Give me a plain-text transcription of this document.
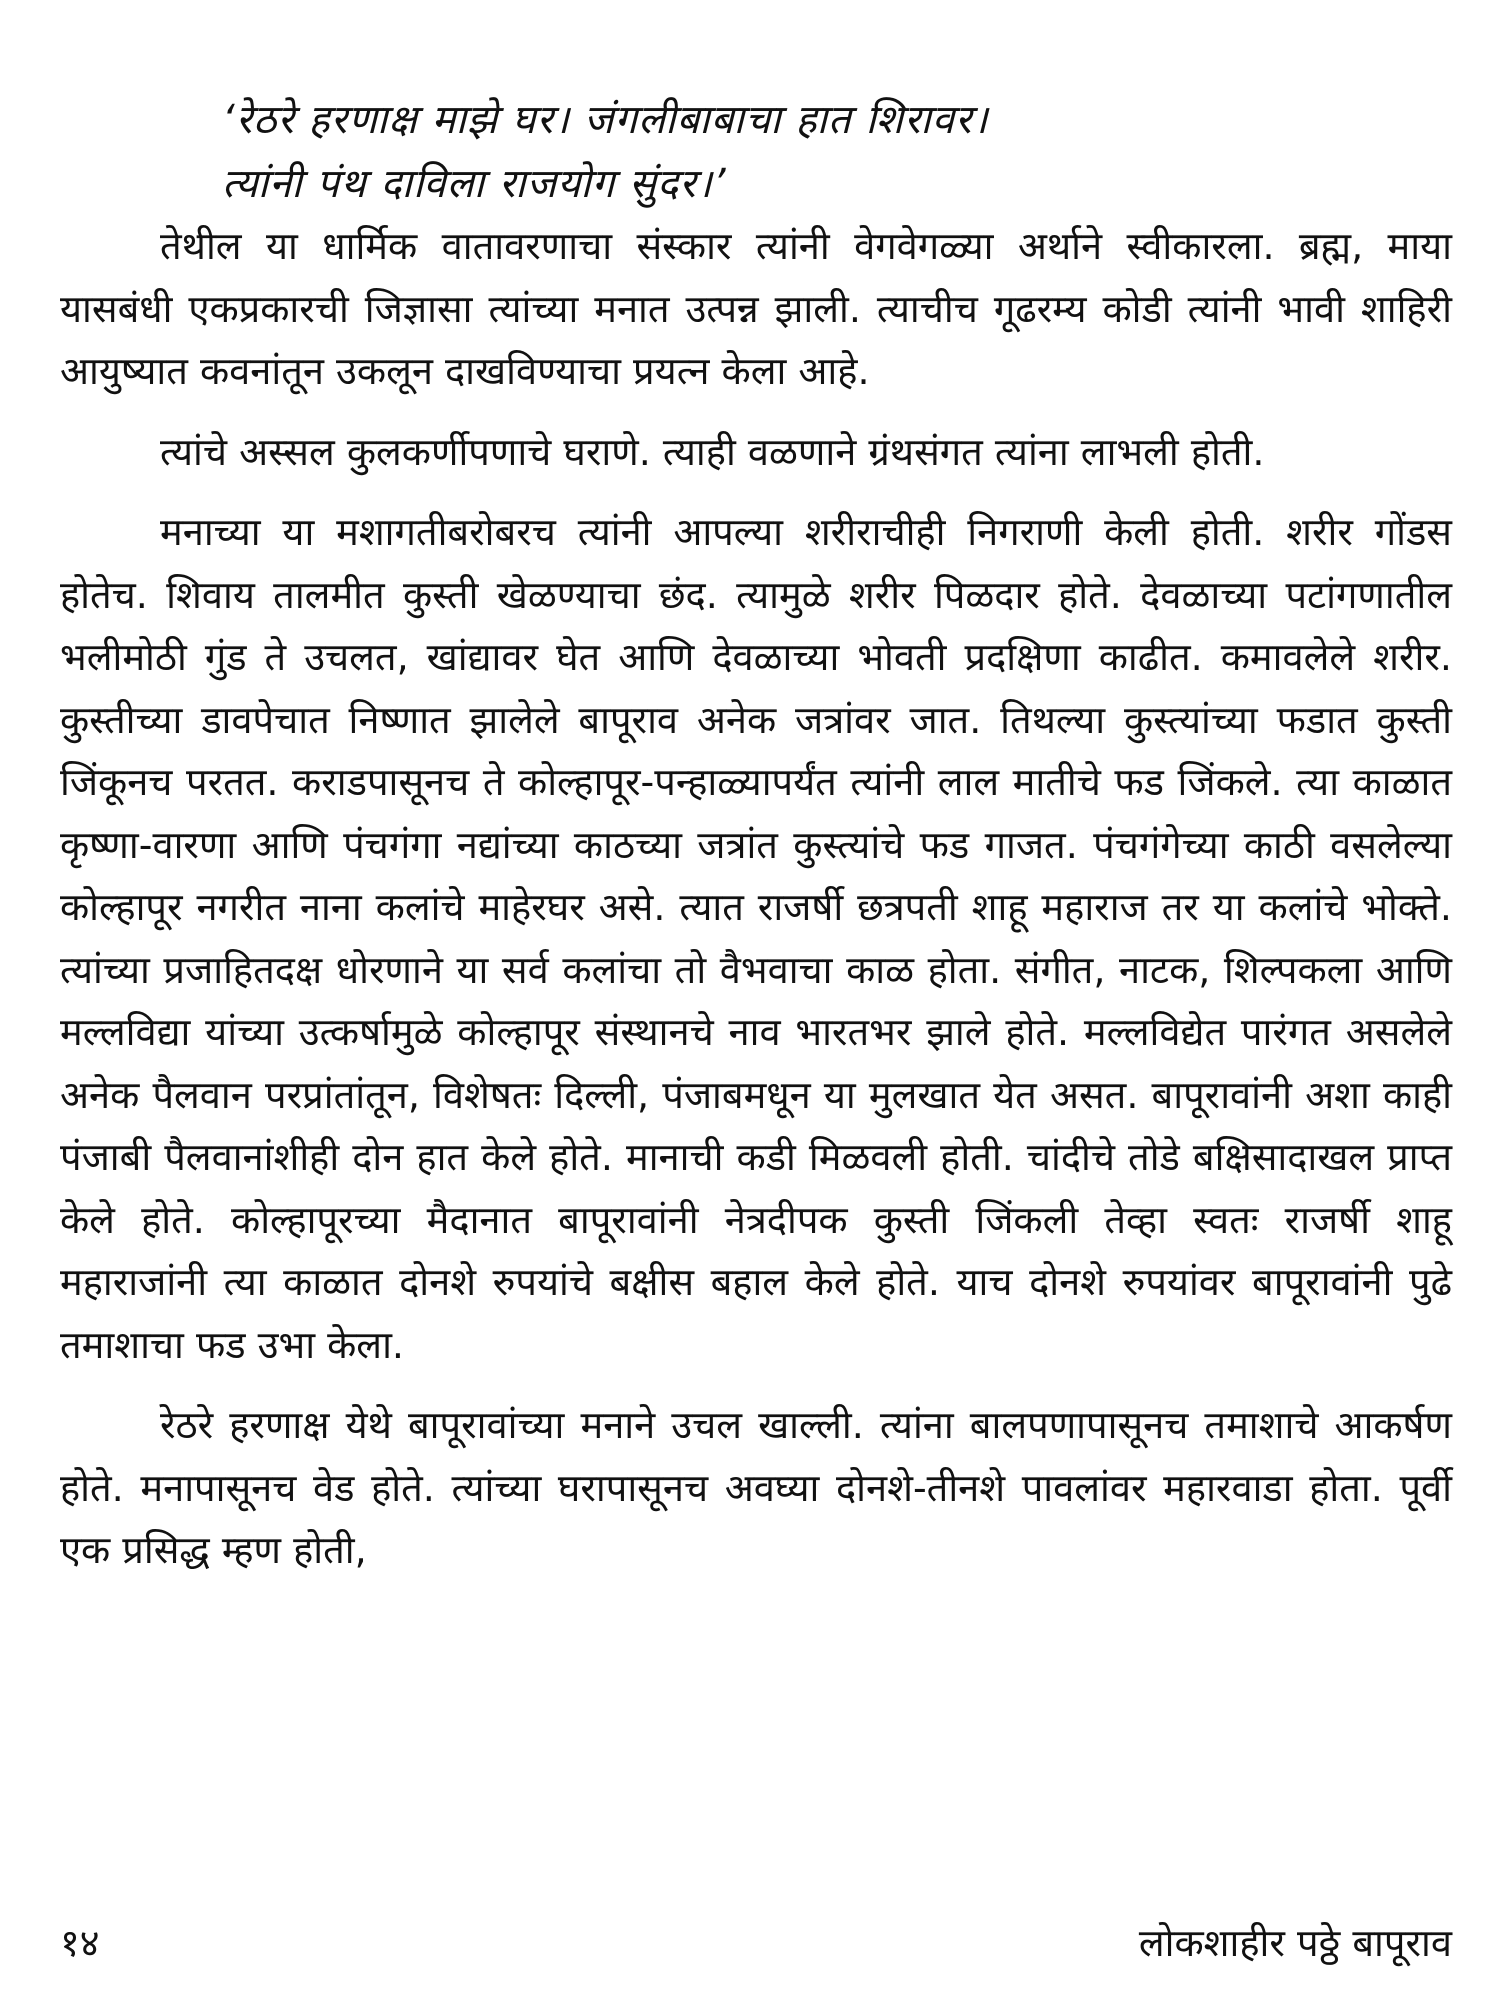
‘रेठरे हरणाक्ष माझे घर। जंगलीबाबाचा हात शिरावर।
त्यांनी पंथ दाविला राजयोग सुंदर।’

तेथील या धार्मिक वातावरणाचा संस्कार त्यांनी वेगवेगळ्या अर्थाने स्वीकारला. ब्रह्म, माया यासबंधी एकप्रकारची जिज्ञासा त्यांच्या मनात उत्पन्न झाली. त्याचीच गूढरम्य कोडी त्यांनी भावी शाहिरी आयुष्यात कवनांतून उकलून दाखविण्याचा प्रयत्न केला आहे.

त्यांचे अस्सल कुलकर्णीपणाचे घराणे. त्याही वळणाने ग्रंथसंगत त्यांना लाभली होती.

मनाच्या या मशागतीबरोबरच त्यांनी आपल्या शरीराचीही निगराणी केली होती. शरीर गोंडस होतेच. शिवाय तालमीत कुस्ती खेळण्याचा छंद. त्यामुळे शरीर पिळदार होते. देवळाच्या पटांगणातील भलीमोठी गुंड ते उचलत, खांद्यावर घेत आणि देवळाच्या भोवती प्रदक्षिणा काढीत. कमावलेले शरीर. कुस्तीच्या डावपेचात निष्णात झालेले बापूराव अनेक जत्रांवर जात. तिथल्या कुस्त्यांच्या फडात कुस्ती जिंकूनच परतत. कराडपासूनच ते कोल्हापूर-पन्हाळ्यापर्यंत त्यांनी लाल मातीचे फड जिंकले. त्या काळात कृष्णा-वारणा आणि पंचगंगा नद्यांच्या काठच्या जत्रांत कुस्त्यांचे फड गाजत. पंचगंगेच्या काठी वसलेल्या कोल्हापूर नगरीत नाना कलांचे माहेरघर असे. त्यात राजर्षी छत्रपती शाहू महाराज तर या कलांचे भोक्ते. त्यांच्या प्रजाहितदक्ष धोरणाने या सर्व कलांचा तो वैभवाचा काळ होता. संगीत, नाटक, शिल्पकला आणि मल्लविद्या यांच्या उत्कर्षामुळे कोल्हापूर संस्थानचे नाव भारतभर झाले होते. मल्लविद्येत पारंगत असलेले अनेक पैलवान परप्रांतांतून, विशेषतः दिल्ली, पंजाबमधून या मुलखात येत असत. बापूरावांनी अशा काही पंजाबी पैलवानांशीही दोन हात केले होते. मानाची कडी मिळवली होती. चांदीचे तोडे बक्षिसादाखल प्राप्त केले होते. कोल्हापूरच्या मैदानात बापूरावांनी नेत्रदीपक कुस्ती जिंकली तेव्हा स्वतः राजर्षी शाहू महाराजांनी त्या काळात दोनशे रुपयांचे बक्षीस बहाल केले होते. याच दोनशे रुपयांवर बापूरावांनी पुढे तमाशाचा फड उभा केला.

रेठरे हरणाक्ष येथे बापूरावांच्या मनाने उचल खाल्ली. त्यांना बालपणापासूनच तमाशाचे आकर्षण होते. मनापासूनच वेड होते. त्यांच्या घरापासूनच अवघ्या दोनशे-तीनशे पावलांवर महारवाडा होता. पूर्वी एक प्रसिद्ध म्हण होती,

१४	लोकशाहीर पठ्ठे बापूराव
